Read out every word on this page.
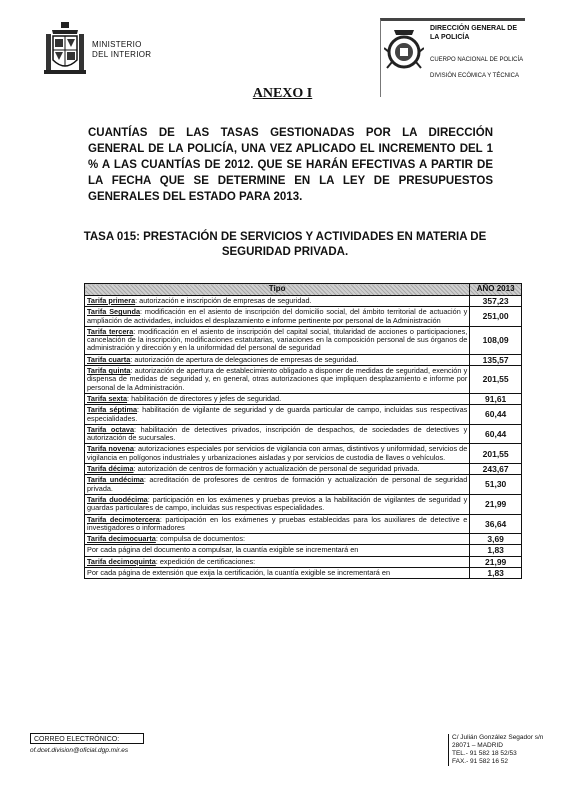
MINISTERIO
DEL INTERIOR
DIRECCIÓN GENERAL DE
LA POLICÍA
CUERPO NACIONAL DE POLICÍA
DIVISIÓN ECÓMICA Y TÉCNICA
ANEXO I
CUANTÍAS DE LAS TASAS GESTIONADAS POR LA DIRECCIÓN GENERAL DE LA POLICÍA, UNA VEZ APLICADO EL INCREMENTO DEL 1 % A LAS CUANTÍAS DE 2012. QUE SE HARÁN EFECTIVAS A PARTIR DE LA FECHA QUE SE DETERMINE EN LA LEY DE PRESUPUESTOS GENERALES DEL ESTADO PARA 2013.
TASA 015: PRESTACIÓN DE SERVICIOS Y ACTIVIDADES EN MATERIA DE SEGURIDAD PRIVADA.
Tipo	AÑO 2013
Tarifa primera: autorización e inscripción de empresas de seguridad.	357,23
Tarifa Segunda: modificación en el asiento de inscripción del domicilio social, del ámbito territorial de actuación y ampliación de actividades, incluidos el desplazamiento e informe pertinente por personal de la Administración	251,00
Tarifa tercera: modificación en el asiento de inscripción del capital social, titularidad de acciones o participaciones, cancelación de la inscripción, modificaciones estatutarias, variaciones en la composición personal de sus órganos de administración y dirección y en la uniformidad del personal de seguridad	108,09
Tarifa cuarta: autorización de apertura de delegaciones de empresas de seguridad.	135,57
Tarifa quinta: autorización de apertura de establecimiento obligado a disponer de medidas de seguridad, exención y dispensa de medidas de seguridad y, en general, otras autorizaciones que impliquen desplazamiento e informe por personal de la Administración.	201,55
Tarifa sexta: habilitación de directores y jefes de seguridad.	91,61
Tarifa séptima: habilitación de vigilante de seguridad y de guarda particular de campo, incluidas sus respectivas especialidades.	60,44
Tarifa octava: habilitación de detectives privados, inscripción de despachos, de sociedades de detectives y autorización de sucursales.	60,44
Tarifa novena: autorizaciones especiales por servicios de vigilancia con armas, distintivos y uniformidad, servicios de vigilancia en polígonos industriales y urbanizaciones aisladas y por servicios de custodia de llaves o vehículos.	201,55
Tarifa décima: autorización de centros de formación y actualización de personal de seguridad privada.	243,67
Tarifa undécima: acreditación de profesores de centros de formación y actualización de personal de seguridad privada.	51,30
Tarifa duodécima: participación en los exámenes y pruebas previos a la habilitación de vigilantes de seguridad y guardas particulares de campo, incluidas sus respectivas especialidades.	21,99
Tarifa decimotercera: participación en los exámenes y pruebas establecidas para los auxiliares de detective e investigadores o informadores	36,64
Tarifa decimocuarta: compulsa de documentos:	3,69
Por cada página del documento a compulsar, la cuantía exigible se incrementará en	1,83
Tarifa decimoquinta: expedición de certificaciones:	21,99
Por cada página de extensión que exija la certificación, la cuantía exigible se incrementará en	1,83
CORREO ELECTRÓNICO:
of.dcet.division@oficial.dgp.mir.es
C/ Julián González Segador s/n
28071 – MADRID
TEL.- 91 582 18 52/53
FAX.- 91 582 16 52
